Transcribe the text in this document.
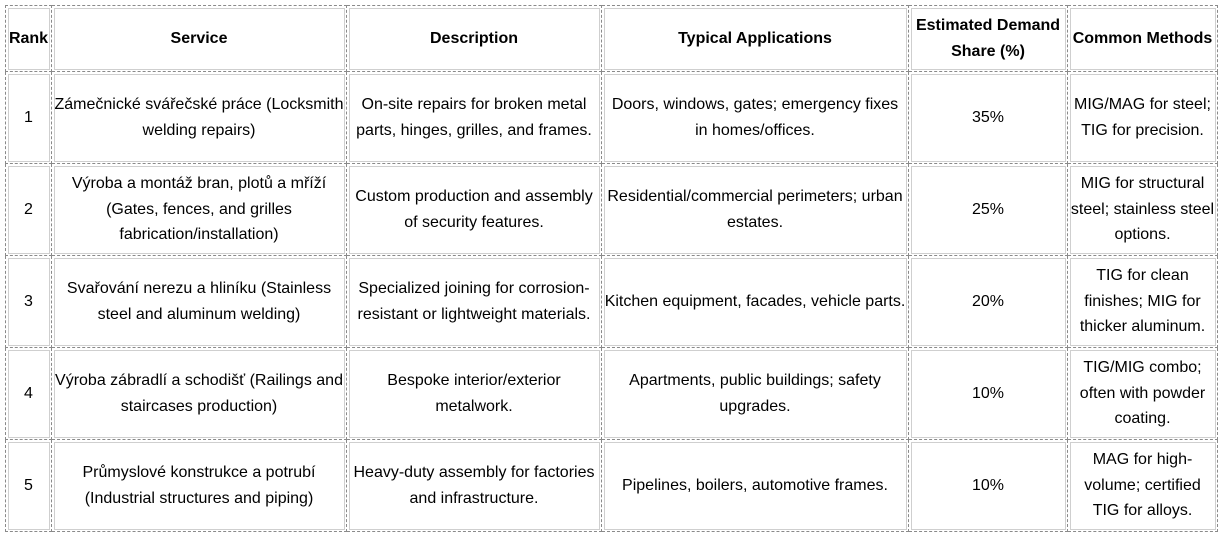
Rank	Service	Description	Typical Applications	Estimated Demand Share (%)	Common Methods
1	Zámečnické svářečské práce (Locksmith welding repairs)	On-site repairs for broken metal parts, hinges, grilles, and frames.	Doors, windows, gates; emergency fixes in homes/offices.	35%	MIG/MAG for steel; TIG for precision.
2	Výroba a montáž bran, plotů a mříží (Gates, fences, and grilles fabrication/installation)	Custom production and assembly of security features.	Residential/commercial perimeters; urban estates.	25%	MIG for structural steel; stainless steel options.
3	Svařování nerezu a hliníku (Stainless steel and aluminum welding)	Specialized joining for corrosion-resistant or lightweight materials.	Kitchen equipment, facades, vehicle parts.	20%	TIG for clean finishes; MIG for thicker aluminum.
4	Výroba zábradlí a schodišť (Railings and staircases production)	Bespoke interior/exterior metalwork.	Apartments, public buildings; safety upgrades.	10%	TIG/MIG combo; often with powder coating.
5	Průmyslové konstrukce a potrubí (Industrial structures and piping)	Heavy-duty assembly for factories and infrastructure.	Pipelines, boilers, automotive frames.	10%	MAG for high-volume; certified TIG for alloys.
